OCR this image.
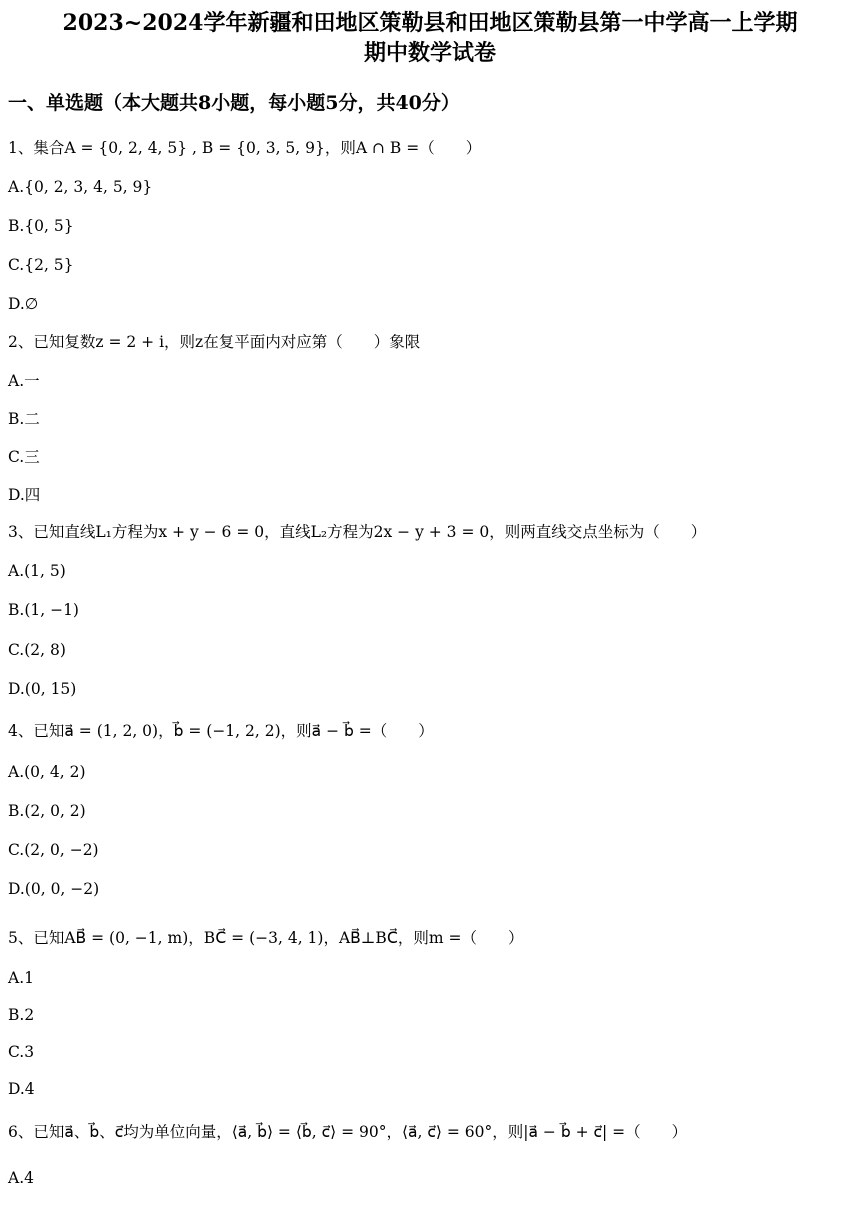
2023~2024学年新疆和田地区策勒县和田地区策勒县第一中学高一上学期
期中数学试卷
一、单选题（本大题共8小题，每小题5分，共40分）
1、集合A = {0, 2, 4, 5} , B = {0, 3, 5, 9}，则A ∩ B =（　　）
A.{0, 2, 3, 4, 5, 9}
B.{0, 5}
C.{2, 5}
D.∅
2、已知复数z = 2 + i，则z在复平面内对应第（　　）象限
A.一
B.二
C.三
D.四
3、已知直线L₁方程为x + y − 6 = 0，直线L₂方程为2x − y + 3 = 0，则两直线交点坐标为（　　）
A.(1, 5)
B.(1, −1)
C.(2, 8)
D.(0, 15)
4、已知a⃗ = (1, 2, 0)，b⃗ = (−1, 2, 2)，则a⃗ − b⃗ =（　　）
A.(0, 4, 2)
B.(2, 0, 2)
C.(2, 0, −2)
D.(0, 0, −2)
5、已知AB⃗ = (0, −1, m)，BC⃗ = (−3, 4, 1)，AB⃗⊥BC⃗，则m =（　　）
A.1
B.2
C.3
D.4
6、已知a⃗、b⃗、c⃗均为单位向量，⟨a⃗, b⃗⟩ = ⟨b⃗, c⃗⟩ = 90°，⟨a⃗, c⃗⟩ = 60°，则|a⃗ − b⃗ + c⃗| =（　　）
A.4
